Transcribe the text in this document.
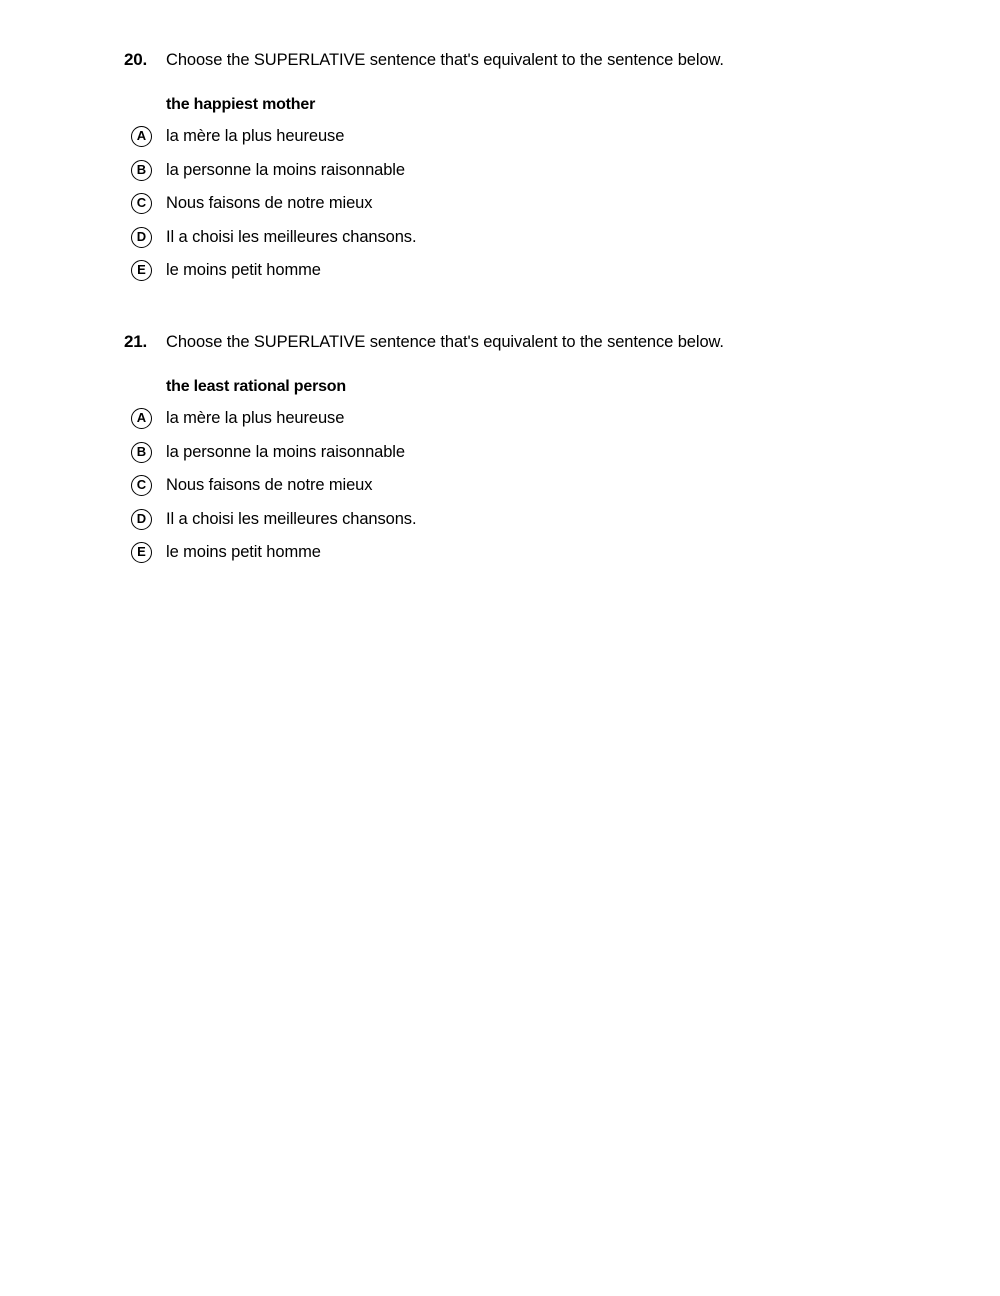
20.	Choose the SUPERLATIVE sentence that's equivalent to the sentence below.
the happiest mother
A	la mère la plus heureuse
B	la personne la moins raisonnable
C	Nous faisons de notre mieux
D	Il a choisi les meilleures chansons.
E	le moins petit homme
21.	Choose the SUPERLATIVE sentence that's equivalent to the sentence below.
the least rational person
A	la mère la plus heureuse
B	la personne la moins raisonnable
C	Nous faisons de notre mieux
D	Il a choisi les meilleures chansons.
E	le moins petit homme
